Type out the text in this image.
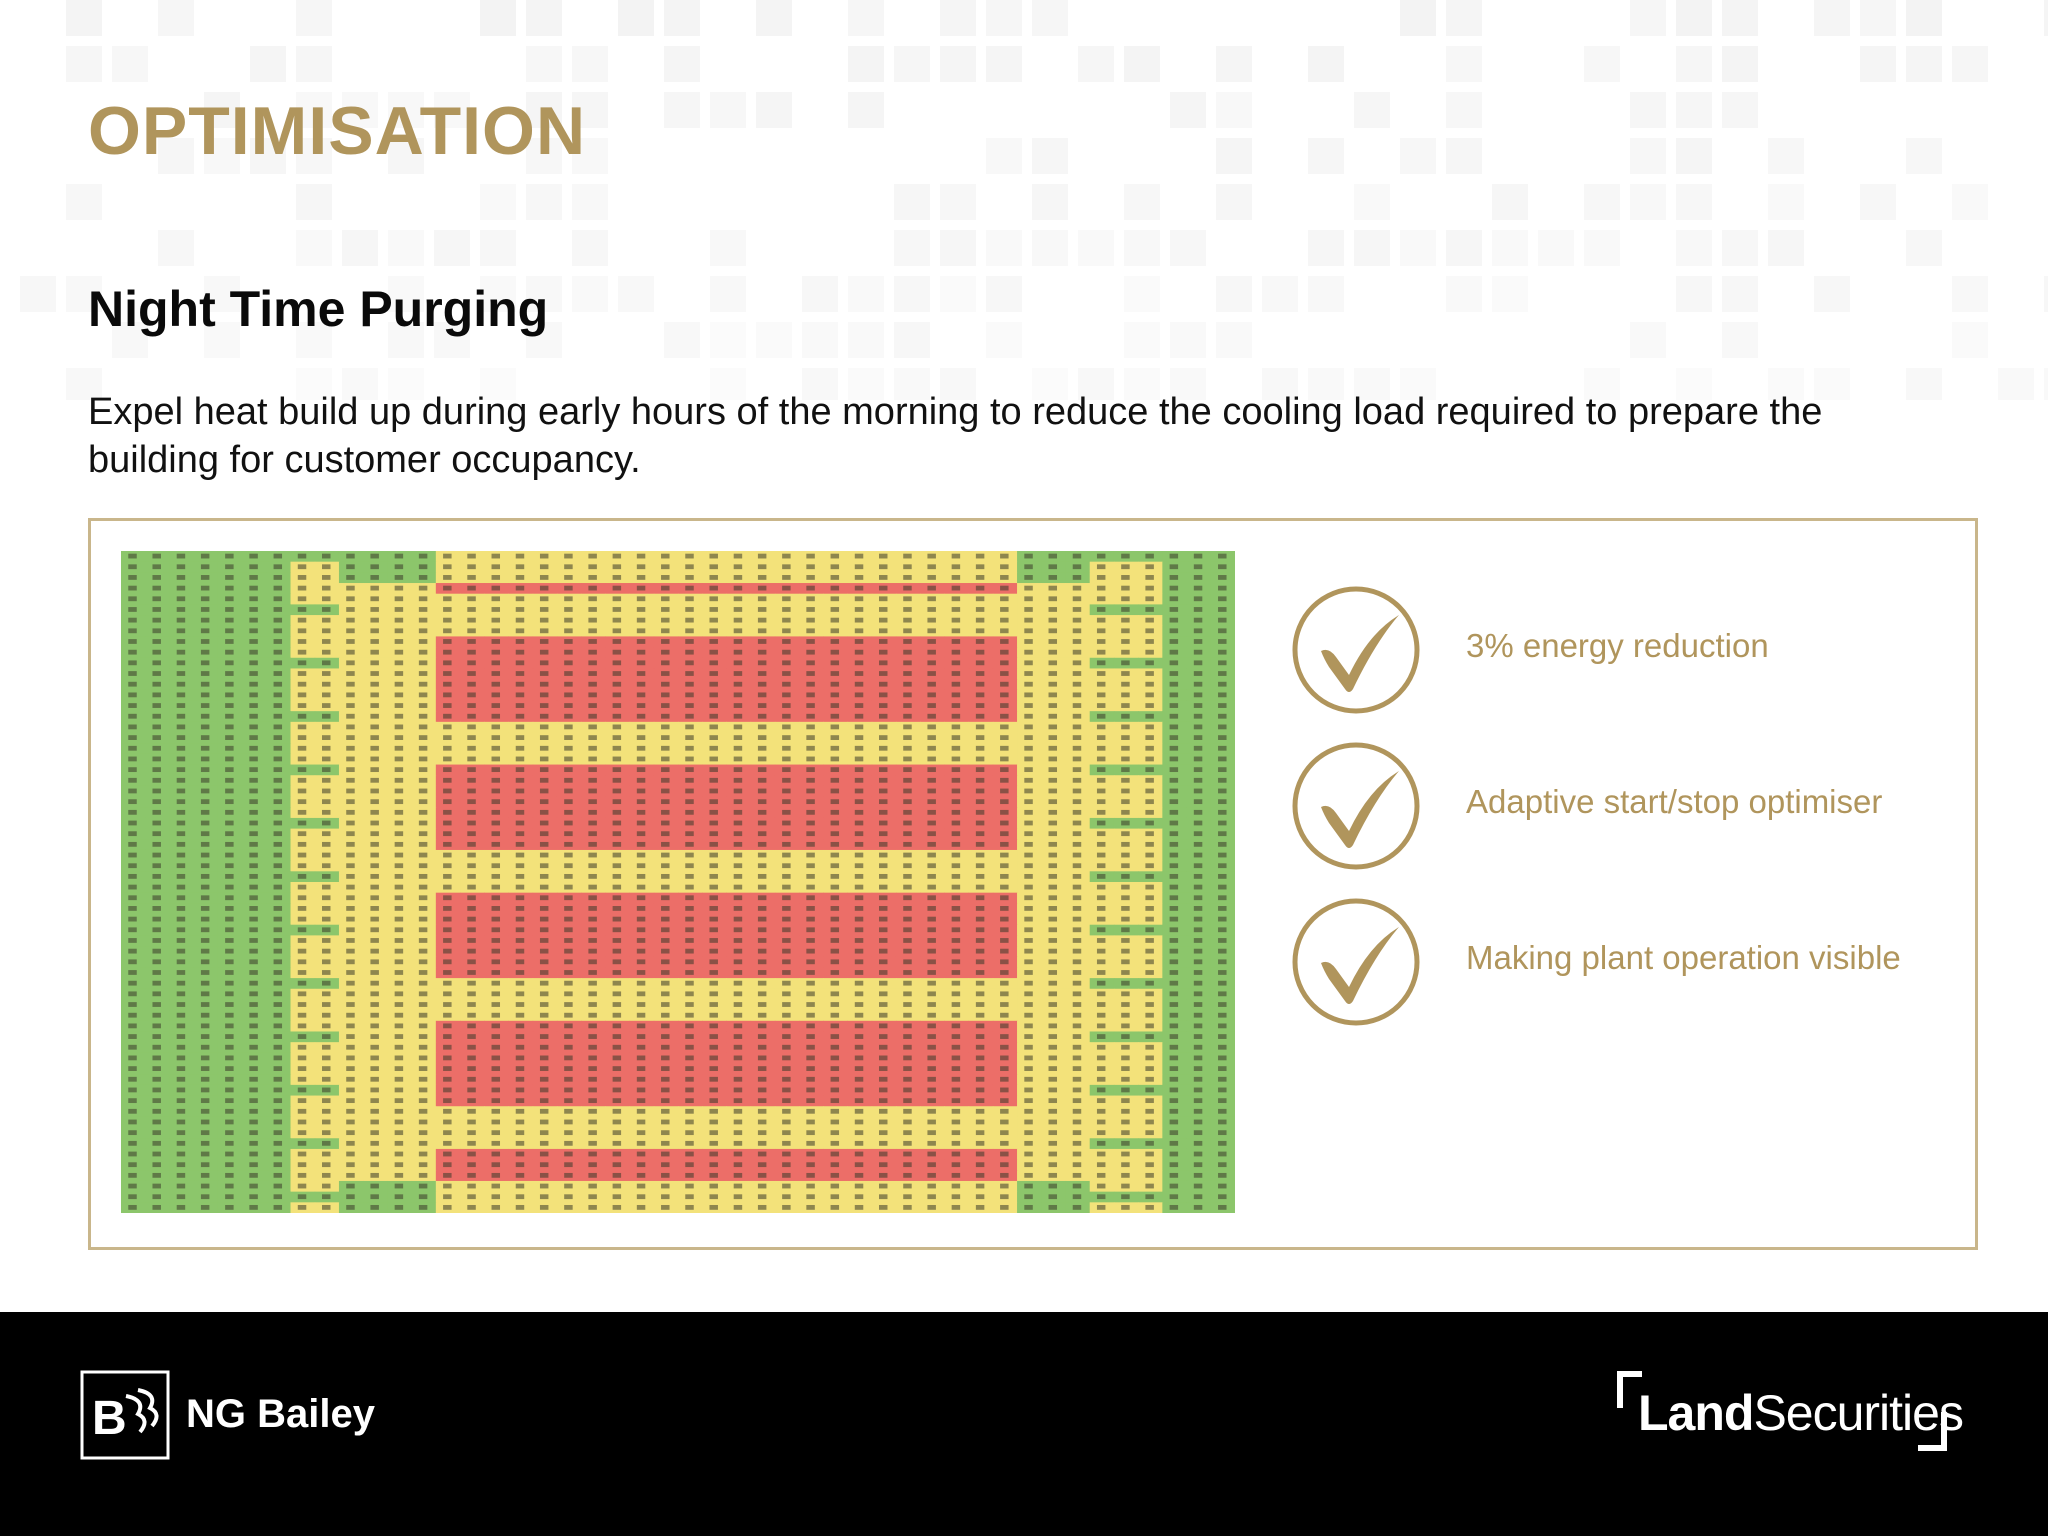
OPTIMISATION
Night Time Purging

Expel heat build up during early hours of the morning to reduce the cooling load required to prepare the building for customer occupancy.

3% energy reduction
Adaptive start/stop optimiser
Making plant operation visible
B NG Bailey	LandSecurities
